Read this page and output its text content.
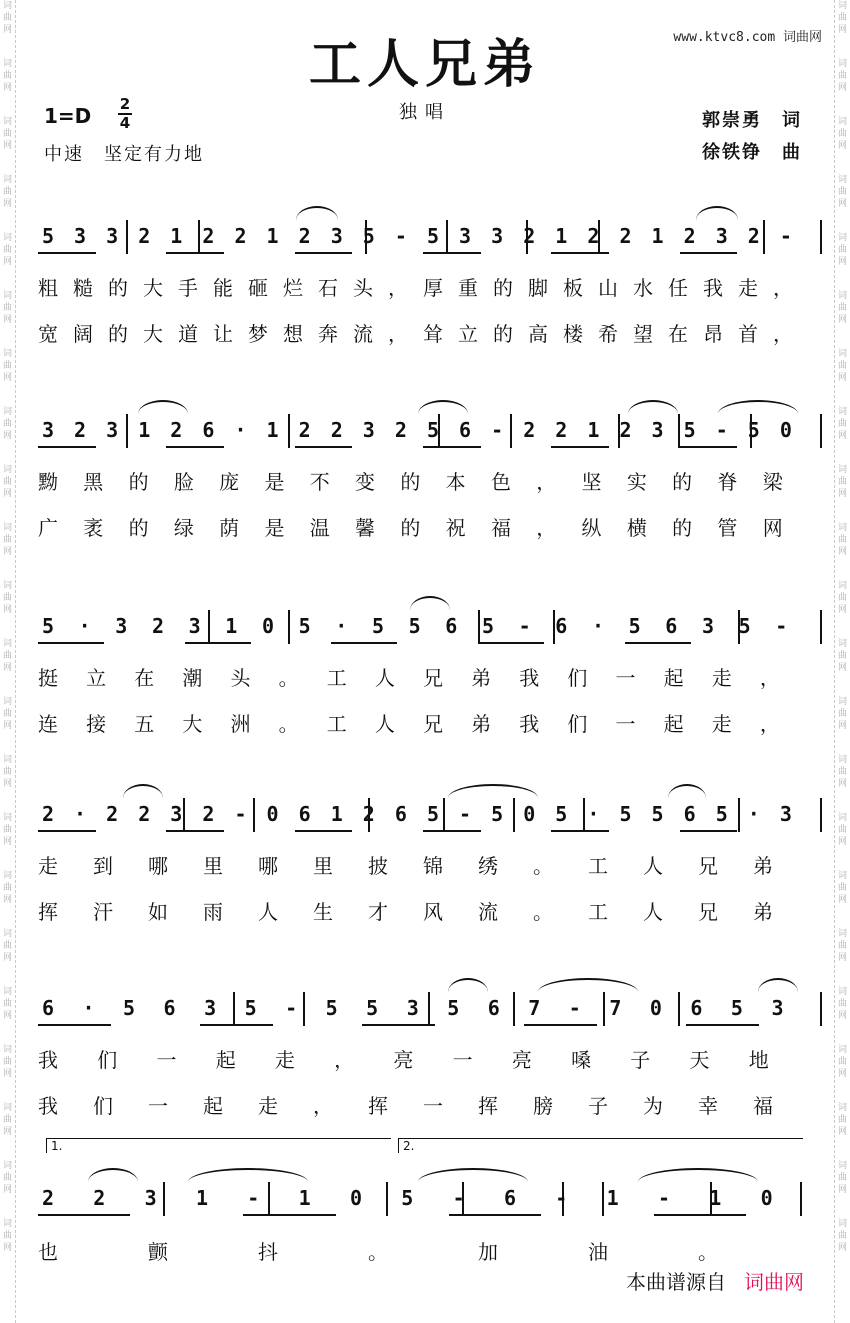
词
曲
网
词
曲
网
词
曲
网
词
曲
网
词
曲
网
词
曲
网
词
曲
网
词
曲
网
词
曲
网
词
曲
网
词
曲
网
词
曲
网
词
曲
网
词
曲
网
词
曲
网
词
曲
网
词
曲
网
词
曲
网
词
曲
网
词
曲
网
词
曲
网
词
曲
网
词
曲
网
词
曲
网
词
曲
网
词
曲
网
词
曲
网
词
曲
网
词
曲
网
词
曲
网
词
曲
网
词
曲
网
词
曲
网
词
曲
网
词
曲
网
词
曲
网
词
曲
网
词
曲
网
词
曲
网
词
曲
网
词
曲
网
词
曲
网
词
曲
网
词
曲
网
工人兄弟	www.ktvc8.com 词曲网
1=D 2
4	独唱
中速　坚定有力地
郭崇勇　词
徐铁铮　曲
5 3 3 2 1 2 2 1 2 3 5 - 5 3 3 2 1 2 2 1 2 3 2 -
粗 糙 的 大 手 能 砸 烂 石 头 ， 厚 重 的 脚 板 山 水 任 我 走 ，
宽 阔 的 大 道 让 梦 想 奔 流 ， 耸 立 的 高 楼 希 望 在 昂 首 ，
3 2 3 1 2 6 · 1 2 2 3 2 5 6 - 2 2 1 2 3 5 - 5 0
黝 黑 的 脸 庞 是 不 变 的 本 色 ， 坚 实 的 脊 梁
广 袤 的 绿 荫 是 温 馨 的 祝 福 ， 纵 横 的 管 网
5 · 3 2 3 1 0 5 · 5 5 6 5 - 6 · 5 6 3 5 -
挺 立 在 潮 头 。 工 人 兄 弟 我 们 一 起 走 ，
连 接 五 大 洲 。 工 人 兄 弟 我 们 一 起 走 ，
2 · 2 2 3 2 - 0 6 1 2 6 5 - 5 0 5 · 5 5 6 5 · 3
走 到 哪 里 哪 里 披 锦 绣 。 工 人 兄 弟
挥 汗 如 雨 人 生 才 风 流 。 工 人 兄 弟
6 · 5 6 3 5 - 5 5 3 5 6 7 - 7 0 6 5 3
我 们 一 起 走 ， 亮 一 亮 嗓 子 天 地
我 们 一 起 走 ， 挥 一 挥 膀 子 为 幸 福
2 2 3 1 - 1 0 5 - 6 - 1 - 1 0
也	颤	抖	。	加	油	。
1.	2.
本曲谱源自 词曲网
